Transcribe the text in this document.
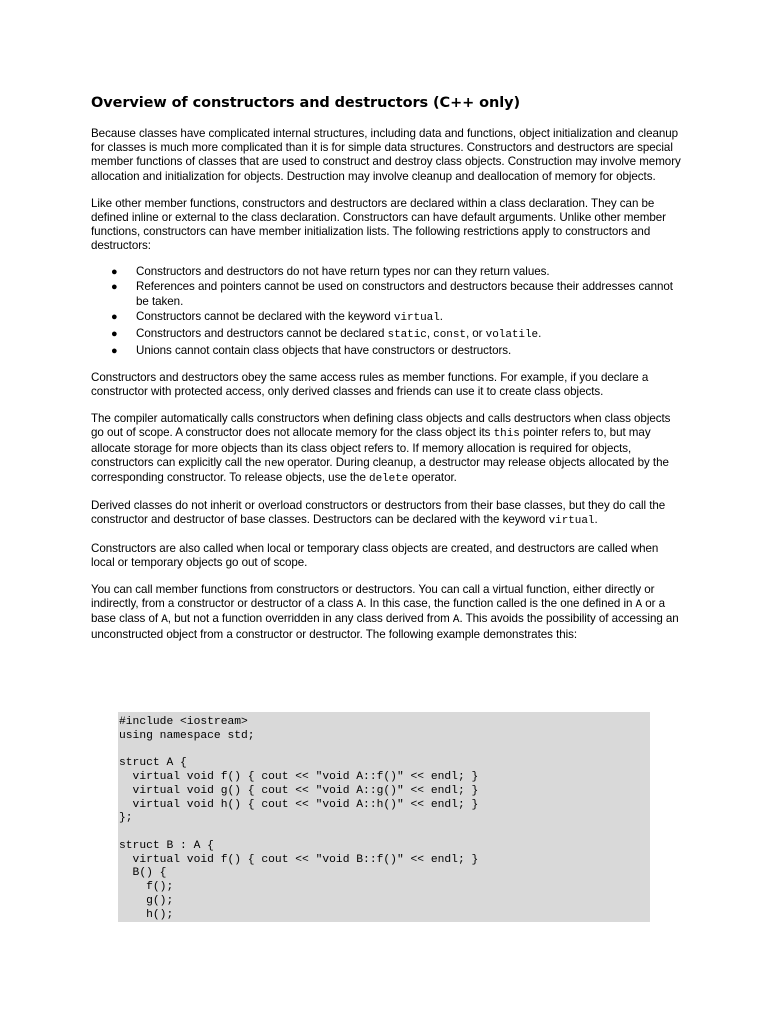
Overview of constructors and destructors (C++ only)

Because classes have complicated internal structures, including data and functions, object initialization and cleanup for classes is much more complicated than it is for simple data structures. Constructors and destructors are special member functions of classes that are used to construct and destroy class objects. Construction may involve memory allocation and initialization for objects. Destruction may involve cleanup and deallocation of memory for objects.

Like other member functions, constructors and destructors are declared within a class declaration. They can be defined inline or external to the class declaration. Constructors can have default arguments. Unlike other member functions, constructors can have member initialization lists. The following restrictions apply to constructors and destructors:

● Constructors and destructors do not have return types nor can they return values.
● References and pointers cannot be used on constructors and destructors because their addresses cannot be taken.
● Constructors cannot be declared with the keyword virtual.
● Constructors and destructors cannot be declared static, const, or volatile.
● Unions cannot contain class objects that have constructors or destructors.

Constructors and destructors obey the same access rules as member functions. For example, if you declare a constructor with protected access, only derived classes and friends can use it to create class objects.

The compiler automatically calls constructors when defining class objects and calls destructors when class objects go out of scope. A constructor does not allocate memory for the class object its this pointer refers to, but may allocate storage for more objects than its class object refers to. If memory allocation is required for objects, constructors can explicitly call the new operator. During cleanup, a destructor may release objects allocated by the corresponding constructor. To release objects, use the delete operator.

Derived classes do not inherit or overload constructors or destructors from their base classes, but they do call the constructor and destructor of base classes. Destructors can be declared with the keyword virtual.

Constructors are also called when local or temporary class objects are created, and destructors are called when local or temporary objects go out of scope.

You can call member functions from constructors or destructors. You can call a virtual function, either directly or indirectly, from a constructor or destructor of a class A. In this case, the function called is the one defined in A or a base class of A, but not a function overridden in any class derived from A. This avoids the possibility of accessing an unconstructed object from a constructor or destructor. The following example demonstrates this:

#include <iostream>
using namespace std;
struct A {
virtual void f() { cout << "void A::f()" << endl; }
virtual void g() { cout << "void A::g()" << endl; }
virtual void h() { cout << "void A::h()" << endl; }
};
struct B : A {
virtual void f() { cout << "void B::f()" << endl; }
B() {
f();
g();
h();
